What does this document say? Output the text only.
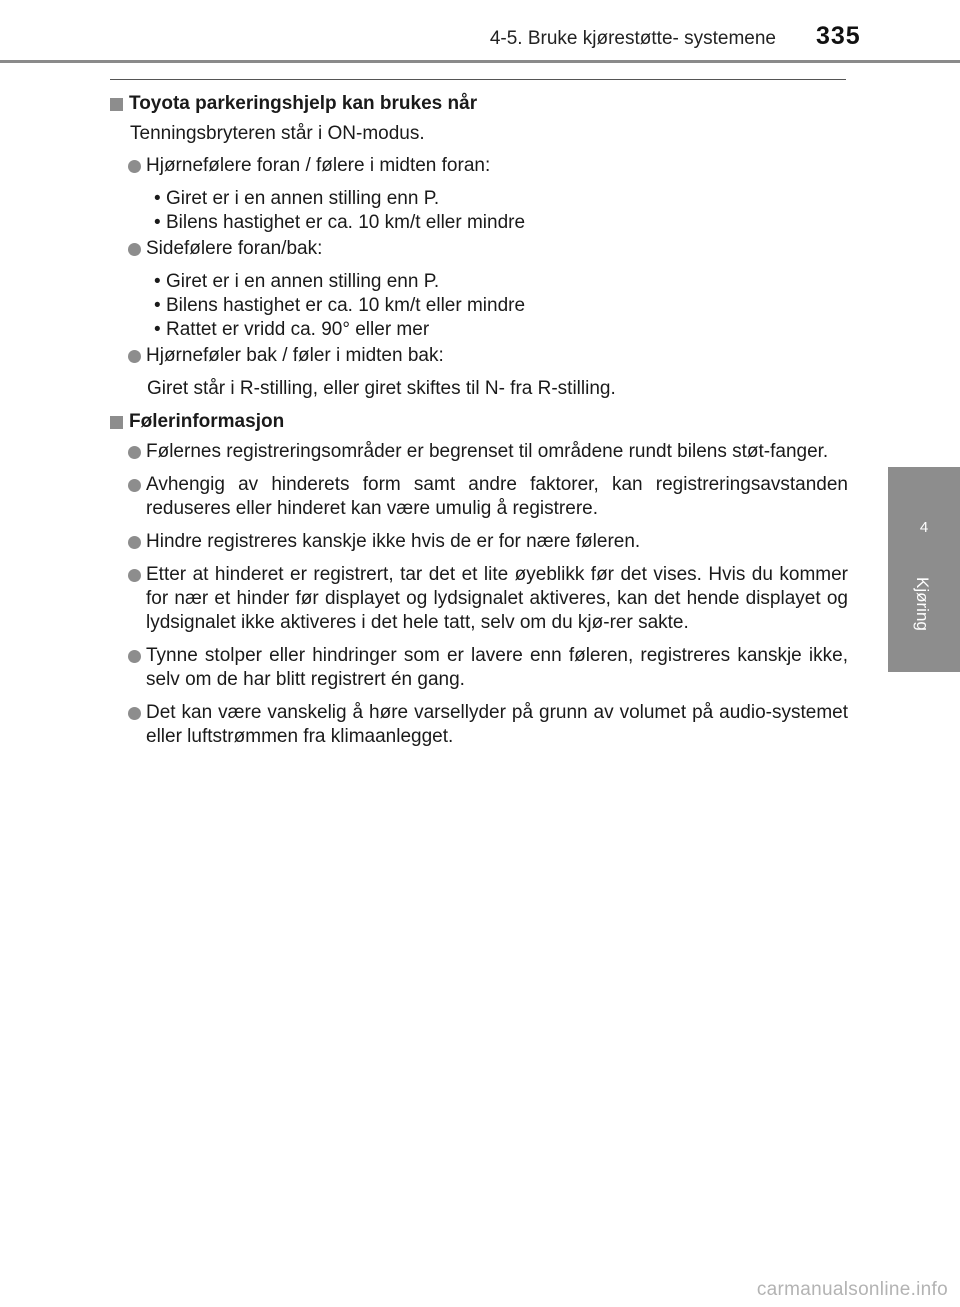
4-5. Bruke kjørestøtte- systemene 335
4
Kjøring
Toyota parkeringshjelp kan brukes når
Tenningsbryteren står i ON-modus.
Hjørnefølere foran / følere i midten foran:
• Giret er i en annen stilling enn P.
• Bilens hastighet er ca. 10 km/t eller mindre
Sidefølere foran/bak:
• Giret er i en annen stilling enn P.
• Bilens hastighet er ca. 10 km/t eller mindre
• Rattet er vridd ca. 90° eller mer
Hjørneføler bak / føler i midten bak:
Giret står i R-stilling, eller giret skiftes til N- fra R-stilling.
Følerinformasjon
Følernes registreringsområder er begrenset til områdene rundt bilens støt-fanger.
Avhengig av hinderets form samt andre faktorer, kan registreringsavstanden reduseres eller hinderet kan være umulig å registrere.
Hindre registreres kanskje ikke hvis de er for nære føleren.
Etter at hinderet er registrert, tar det et lite øyeblikk før det vises. Hvis du kommer for nær et hinder før displayet og lydsignalet aktiveres, kan det hende displayet og lydsignalet ikke aktiveres i det hele tatt, selv om du kjø-rer sakte.
Tynne stolper eller hindringer som er lavere enn føleren, registreres kanskje ikke, selv om de har blitt registrert én gang.
Det kan være vanskelig å høre varsellyder på grunn av volumet på audio-systemet eller luftstrømmen fra klimaanlegget.
carmanualsonline.info
